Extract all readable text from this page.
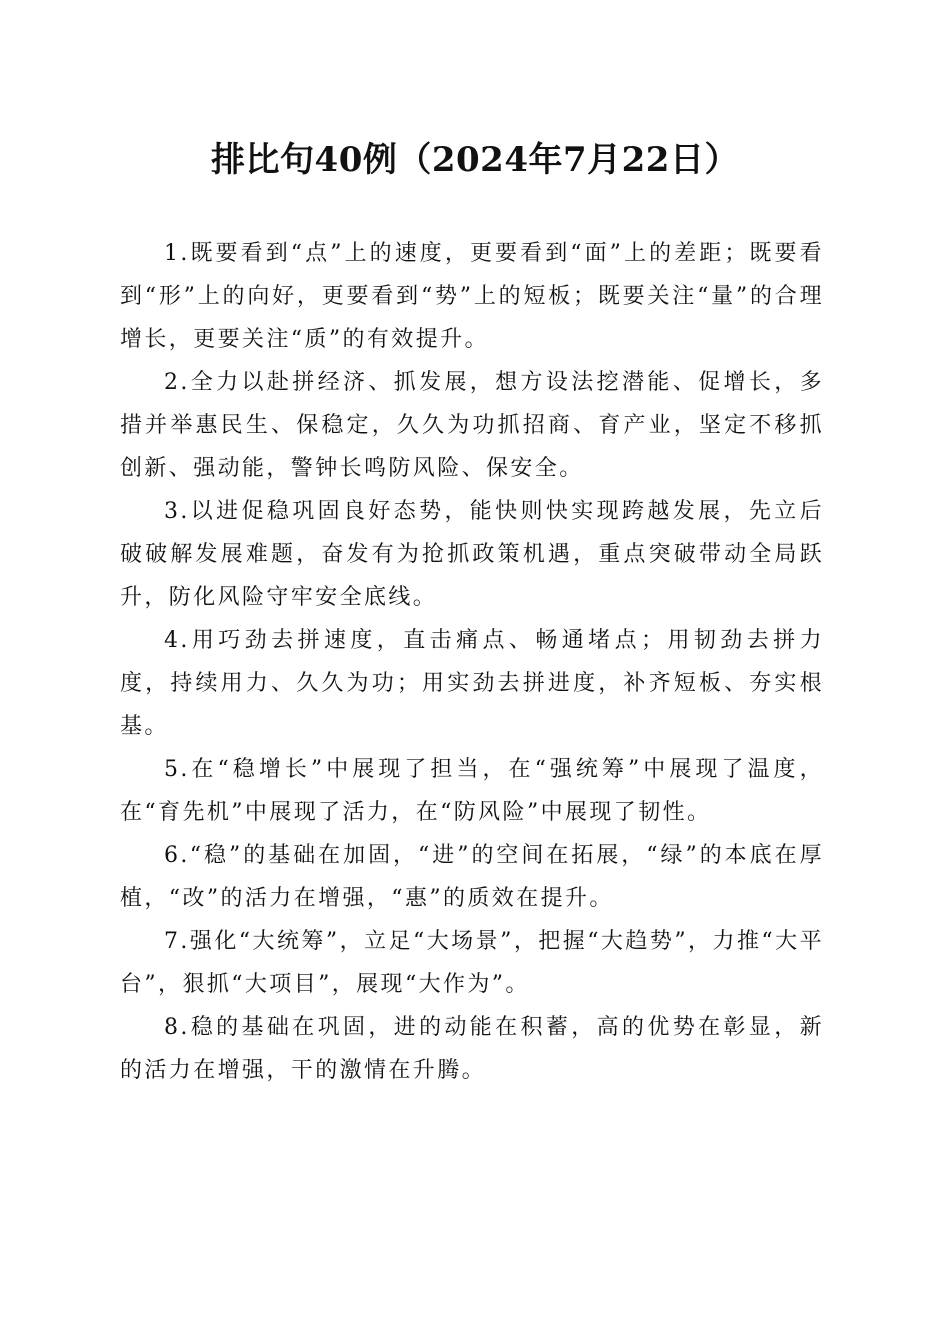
排比句40例（2024年7月22日）

1.既要看到“点”上的速度，更要看到“面”上的差距；既要看到“形”上的向好，更要看到“势”上的短板；既要关注“量”的合理增长，更要关注“质”的有效提升。

2.全力以赴拼经济、抓发展，想方设法挖潜能、促增长，多措并举惠民生、保稳定，久久为功抓招商、育产业，坚定不移抓创新、强动能，警钟长鸣防风险、保安全。

3.以进促稳巩固良好态势，能快则快实现跨越发展，先立后破破解发展难题，奋发有为抢抓政策机遇，重点突破带动全局跃升，防化风险守牢安全底线。

4.用巧劲去拼速度，直击痛点、畅通堵点；用韧劲去拼力度，持续用力、久久为功；用实劲去拼进度，补齐短板、夯实根基。

5.在“稳增长”中展现了担当，在“强统筹”中展现了温度，在“育先机”中展现了活力，在“防风险”中展现了韧性。

6.“稳”的基础在加固，“进”的空间在拓展，“绿”的本底在厚植，“改”的活力在增强，“惠”的质效在提升。

7.强化“大统筹”，立足“大场景”，把握“大趋势”，力推“大平台”，狠抓“大项目”，展现“大作为”。

8.稳的基础在巩固，进的动能在积蓄，高的优势在彰显，新的活力在增强，干的激情在升腾。
